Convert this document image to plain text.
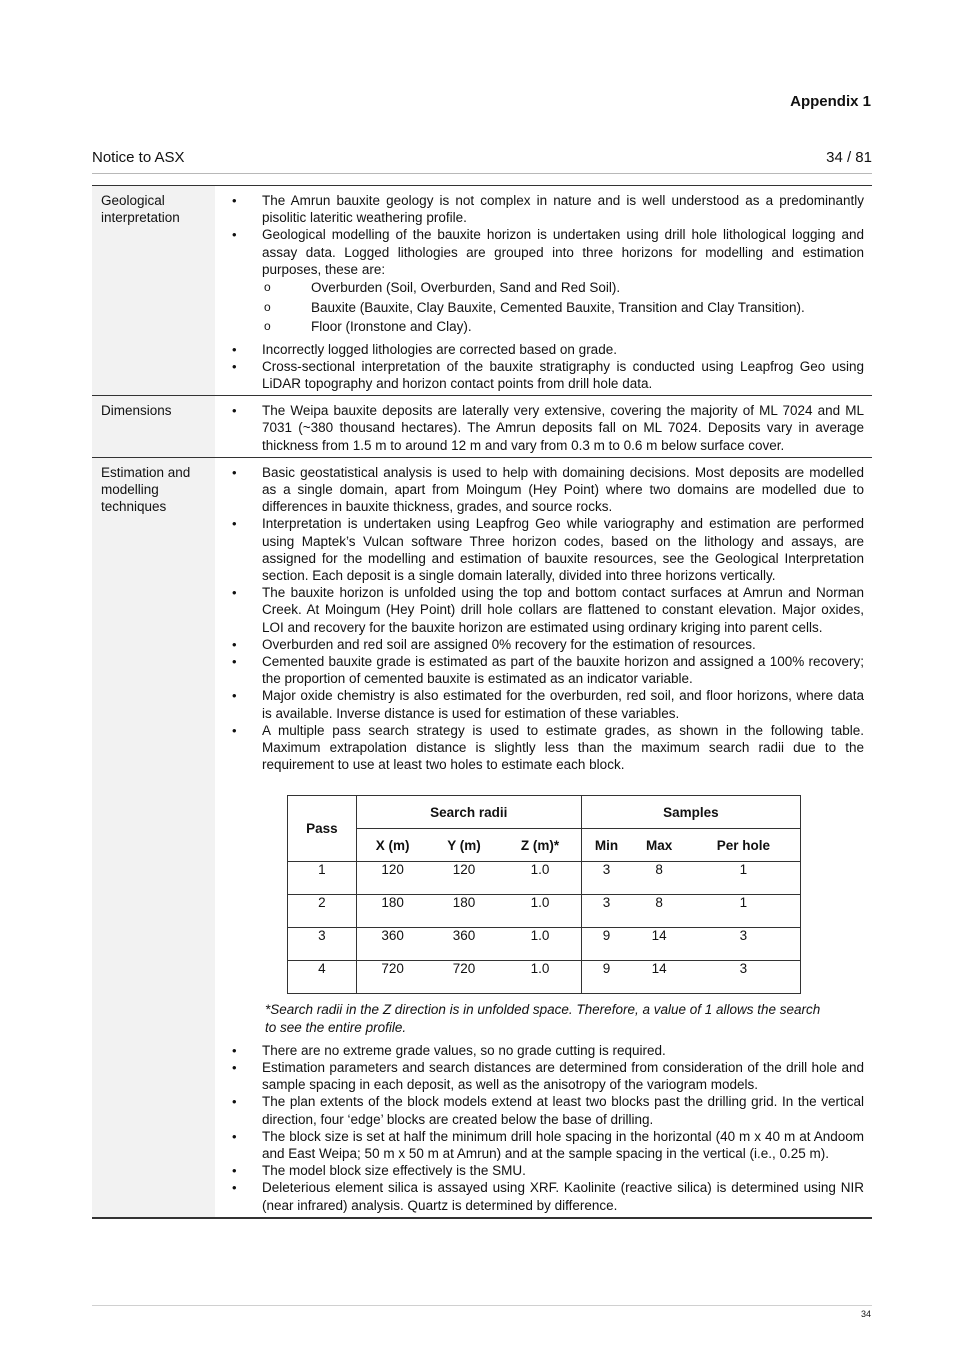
Appendix 1
Notice to ASX	34 / 81
Geological interpretation	
• The Amrun bauxite geology is not complex in nature and is well understood as a predominantly pisolitic lateritic weathering profile.
• Geological modelling of the bauxite horizon is undertaken using drill hole lithological logging and assay data. Logged lithologies are grouped into three horizons for modelling and estimation purposes, these are:
o Overburden (Soil, Overburden, Sand and Red Soil).
o Bauxite (Bauxite, Clay Bauxite, Cemented Bauxite, Transition and Clay Transition).
o Floor (Ironstone and Clay).
• Incorrectly logged lithologies are corrected based on grade.
• Cross-sectional interpretation of the bauxite stratigraphy is conducted using Leapfrog Geo using LiDAR topography and horizon contact points from drill hole data.

Dimensions	
•The Weipa bauxite deposits are laterally very extensive, covering the majority of ML 7024 and ML 7031 (~380 thousand hectares). The Amrun deposits fall on ML 7024. Deposits vary in average thickness from 1.5 m to around 12 m and vary from 0.3 m to 0.6 m below surface cover.

Estimation and modelling techniques	
• Basic geostatistical analysis is used to help with domaining decisions. Most deposits are modelled as a single domain, apart from Moingum (Hey Point) where two domains are modelled due to differences in bauxite thickness, grades, and source rocks.
• Interpretation is undertaken using Leapfrog Geo while variography and estimation are performed using Maptek’s Vulcan software Three horizon codes, based on the lithology and assays, are assigned for the modelling and estimation of bauxite resources, see the Geological Interpretation section. Each deposit is a single domain laterally, divided into three horizons vertically.
• The bauxite horizon is unfolded using the top and bottom contact surfaces at Amrun and Norman Creek. At Moingum (Hey Point) drill hole collars are flattened to constant elevation. Major oxides, LOI and recovery for the bauxite horizon are estimated using ordinary kriging into parent cells.
• Overburden and red soil are assigned 0% recovery for the estimation of resources.
• Cemented bauxite grade is estimated as part of the bauxite horizon and assigned a 100% recovery; the proportion of cemented bauxite is estimated as an indicator variable.
• Major oxide chemistry is also estimated for the overburden, red soil, and floor horizons, where data is available. Inverse distance is used for estimation of these variables.
• A multiple pass search strategy is used to estimate grades, as shown in the following table. Maximum extrapolation distance is slightly less than the maximum search radii due to the requirement to use at least two holes to estimate each block.
Pass	Search radii	Samples
X (m)	Y (m)	Z (m)*	Min	Max	Per hole
1	120	120	1.0	3	8	1
2	180	180	1.0	3	8	1
3	360	360	1.0	9	14	3
4	720	720	1.0	9	14	3
*Search radii in the Z direction is in unfolded space. Therefore, a value of 1 allows the search
to see the entire profile.
• There are no extreme grade values, so no grade cutting is required.
• Estimation parameters and search distances are determined from consideration of the drill hole and sample spacing in each deposit, as well as the anisotropy of the variogram models.
• The plan extents of the block models extend at least two blocks past the drilling grid. In the vertical direction, four ‘edge’ blocks are created below the base of drilling.
• The block size is set at half the minimum drill hole spacing in the horizontal (40 m x 40 m at Andoom and East Weipa; 50 m x 50 m at Amrun) and at the sample spacing in the vertical (i.e., 0.25 m).
• The model block size effectively is the SMU.
• Deleterious element silica is assayed using XRF. Kaolinite (reactive silica) is determined using NIR (near infrared) analysis. Quartz is determined by difference.
34
